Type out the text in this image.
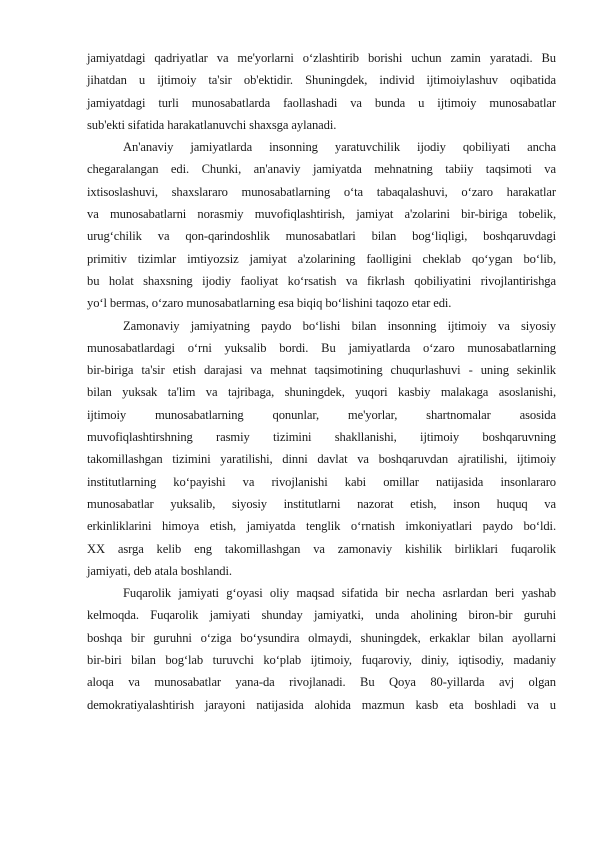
jamiyatdagi qadriyatlar va me'yorlarni o‘zlashtirib borishi uchun zamin yaratadi. Bu
jihatdan u ijtimoiy ta'sir ob'ektidir. Shuningdek, individ ijtimoiylashuv oqibatida
jamiyatdagi turli munosabatlarda faollashadi va bunda u ijtimoiy munosabatlar
sub'ekti sifatida harakatlanuvchi shaxsga aylanadi.
An'anaviy jamiyatlarda insonning yaratuvchilik ijodiy qobiliyati ancha
chegaralangan edi. Chunki, an'anaviy jamiyatda mehnatning tabiiy taqsimoti va
ixtisoslashuvi, shaxslararo munosabatlarning o‘ta tabaqalashuvi, o‘zaro harakatlar
va munosabatlarni norasmiy muvofiqlashtirish, jamiyat a'zolarini bir-biriga tobelik,
urug‘chilik va qon-qarindoshlik munosabatlari bilan bog‘liqligi, boshqaruvdagi
primitiv tizimlar imtiyozsiz jamiyat a'zolarining faolligini cheklab qo‘ygan bo‘lib,
bu holat shaxsning ijodiy faoliyat ko‘rsatish va fikrlash qobiliyatini rivojlantirishga
yo‘l bermas, o‘zaro munosabatlarning esa biqiq bo‘lishini taqozo etar edi.
Zamonaviy jamiyatning paydo bo‘lishi bilan insonning ijtimoiy va siyosiy
munosabatlardagi o‘rni yuksalib bordi. Bu jamiyatlarda o‘zaro munosabatlarning
bir-biriga ta'sir etish darajasi va mehnat taqsimotining chuqurlashuvi - uning sekinlik
bilan yuksak ta'lim va tajribaga, shuningdek, yuqori kasbiy malakaga asoslanishi,
ijtimoiy munosabatlarning qonunlar, me'yorlar, shartnomalar asosida
muvofiqlashtirshning rasmiy tizimini shakllanishi, ijtimoiy boshqaruvning
takomillashgan tizimini yaratilishi, dinni davlat va boshqaruvdan ajratilishi, ijtimoiy
institutlarning ko‘payishi va rivojlanishi kabi omillar natijasida insonlararo
munosabatlar yuksalib, siyosiy institutlarni nazorat etish, inson huquq va
erkinliklarini himoya etish, jamiyatda tenglik o‘rnatish imkoniyatlari paydo bo‘ldi.
XX asrga kelib eng takomillashgan va zamonaviy kishilik birliklari fuqarolik
jamiyati, deb atala boshlandi.
Fuqarolik jamiyati g‘oyasi oliy maqsad sifatida bir necha asrlardan beri yashab
kelmoqda. Fuqarolik jamiyati shunday jamiyatki, unda aholining biron-bir guruhi
boshqa bir guruhni o‘ziga bo‘ysundira olmaydi, shuningdek, erkaklar bilan ayollarni
bir-biri bilan bog‘lab turuvchi ko‘plab ijtimoiy, fuqaroviy, diniy, iqtisodiy, madaniy
aloqa va munosabatlar yana-da rivojlanadi. Bu Qoya 80-yillarda avj olgan
demokratiyalashtirish jarayoni natijasida alohida mazmun kasb eta boshladi va u
